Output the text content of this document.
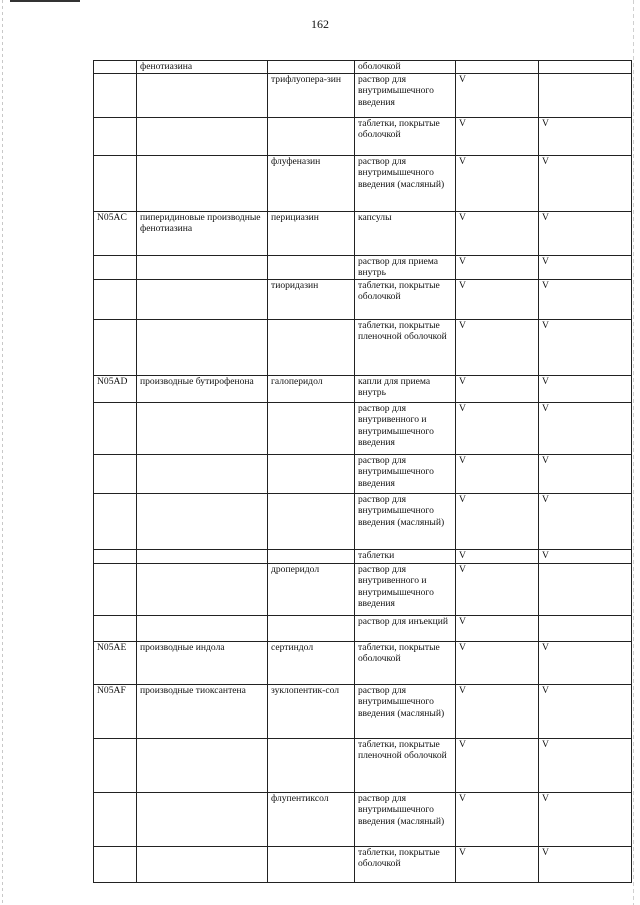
162
	фенотиазина		оболочкой		
		трифлуопера-зин	раствор для внутримышечного введения	V	
			таблетки, покрытые оболочкой	V	V
		флуфеназин	раствор для внутримышечного введения (масляный)	V	V
N05AC	пиперидиновые производные фенотиазина	перициазин	капсулы	V	V
			раствор для приема внутрь	V	V
		тиоридазин	таблетки, покрытые оболочкой	V	V
			таблетки, покрытые пленочной оболочкой	V	V
N05AD	производные бутирофенона	галоперидол	капли для приема внутрь	V	V
			раствор для внутривенного и внутримышечного введения	V	V
			раствор для внутримышечного введения	V	V
			раствор для внутримышечного введения (масляный)	V	V
			таблетки	V	V
		дроперидол	раствор для внутривенного и внутримышечного введения	V	
			раствор для инъекций	V	
N05AE	производные индола	сертиндол	таблетки, покрытые оболочкой	V	V
N05AF	производные тиоксантена	зуклопентик-сол	раствор для внутримышечного введения (масляный)	V	V
			таблетки, покрытые пленочной оболочкой	V	V
		флупентиксол	раствор для внутримышечного введения (масляный)	V	V
			таблетки, покрытые оболочкой	V	V
